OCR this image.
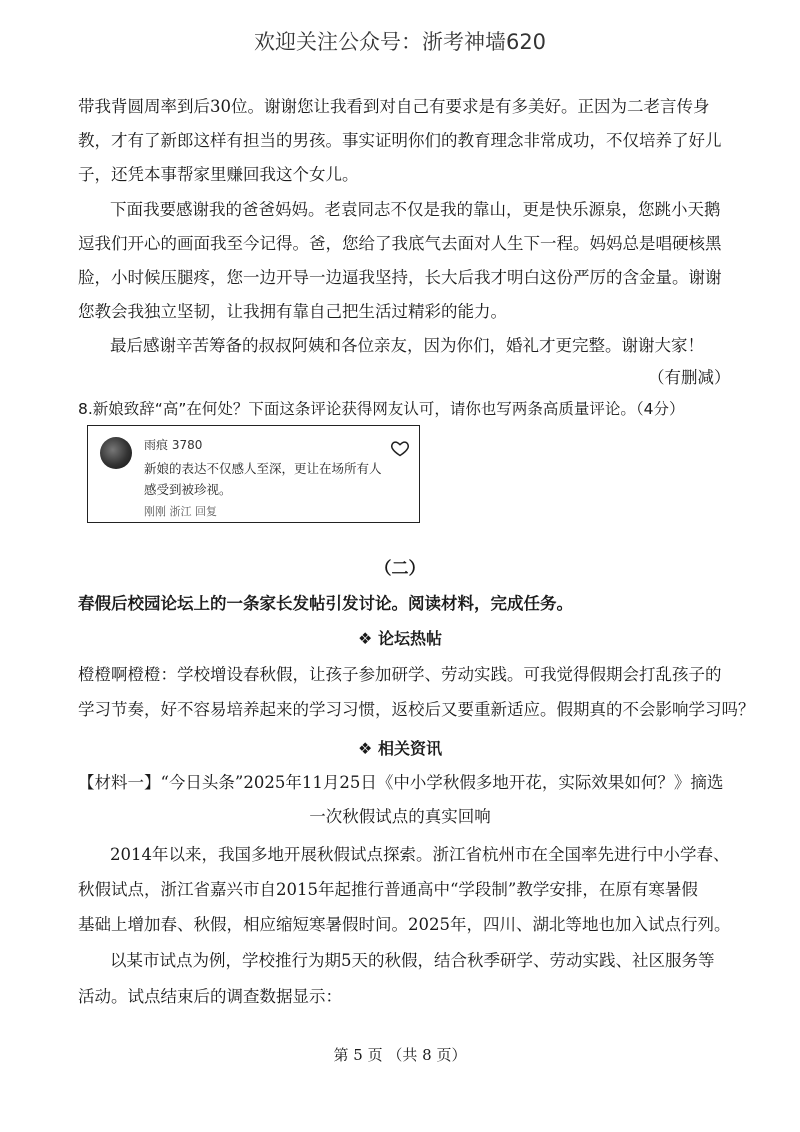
欢迎关注公众号：浙考神墙620
带我背圆周率到后30位。谢谢您让我看到对自己有要求是有多美好。正因为二老言传身
教，才有了新郎这样有担当的男孩。事实证明你们的教育理念非常成功，不仅培养了好儿
子，还凭本事帮家里赚回我这个女儿。
下面我要感谢我的爸爸妈妈。老袁同志不仅是我的靠山，更是快乐源泉，您跳小天鹅
逗我们开心的画面我至今记得。爸，您给了我底气去面对人生下一程。妈妈总是唱硬核黑
脸，小时候压腿疼，您一边开导一边逼我坚持，长大后我才明白这份严厉的含金量。谢谢
您教会我独立坚韧，让我拥有靠自己把生活过精彩的能力。
最后感谢辛苦筹备的叔叔阿姨和各位亲友，因为你们，婚礼才更完整。谢谢大家！
（有删减）
8.新娘致辞“高”在何处？下面这条评论获得网友认可，请你也写两条高质量评论。（4分）
雨痕 3780
新娘的表达不仅感人至深，更让在场所有人感受到被珍视。
刚刚 浙江 回复
（二）
春假后校园论坛上的一条家长发帖引发讨论。阅读材料，完成任务。
❖ 论坛热帖
橙橙啊橙橙：学校增设春秋假，让孩子参加研学、劳动实践。可我觉得假期会打乱孩子的
学习节奏，好不容易培养起来的学习习惯，返校后又要重新适应。假期真的不会影响学习吗？
❖ 相关资讯
【材料一】“今日头条”2025年11月25日《中小学秋假多地开花，实际效果如何？》摘选
一次秋假试点的真实回响
2014年以来，我国多地开展秋假试点探索。浙江省杭州市在全国率先进行中小学春、
秋假试点，浙江省嘉兴市自2015年起推行普通高中“学段制”教学安排，在原有寒暑假
基础上增加春、秋假，相应缩短寒暑假时间。2025年，四川、湖北等地也加入试点行列。
以某市试点为例，学校推行为期5天的秋假，结合秋季研学、劳动实践、社区服务等
活动。试点结束后的调查数据显示：
第 5 页 （共 8 页）
